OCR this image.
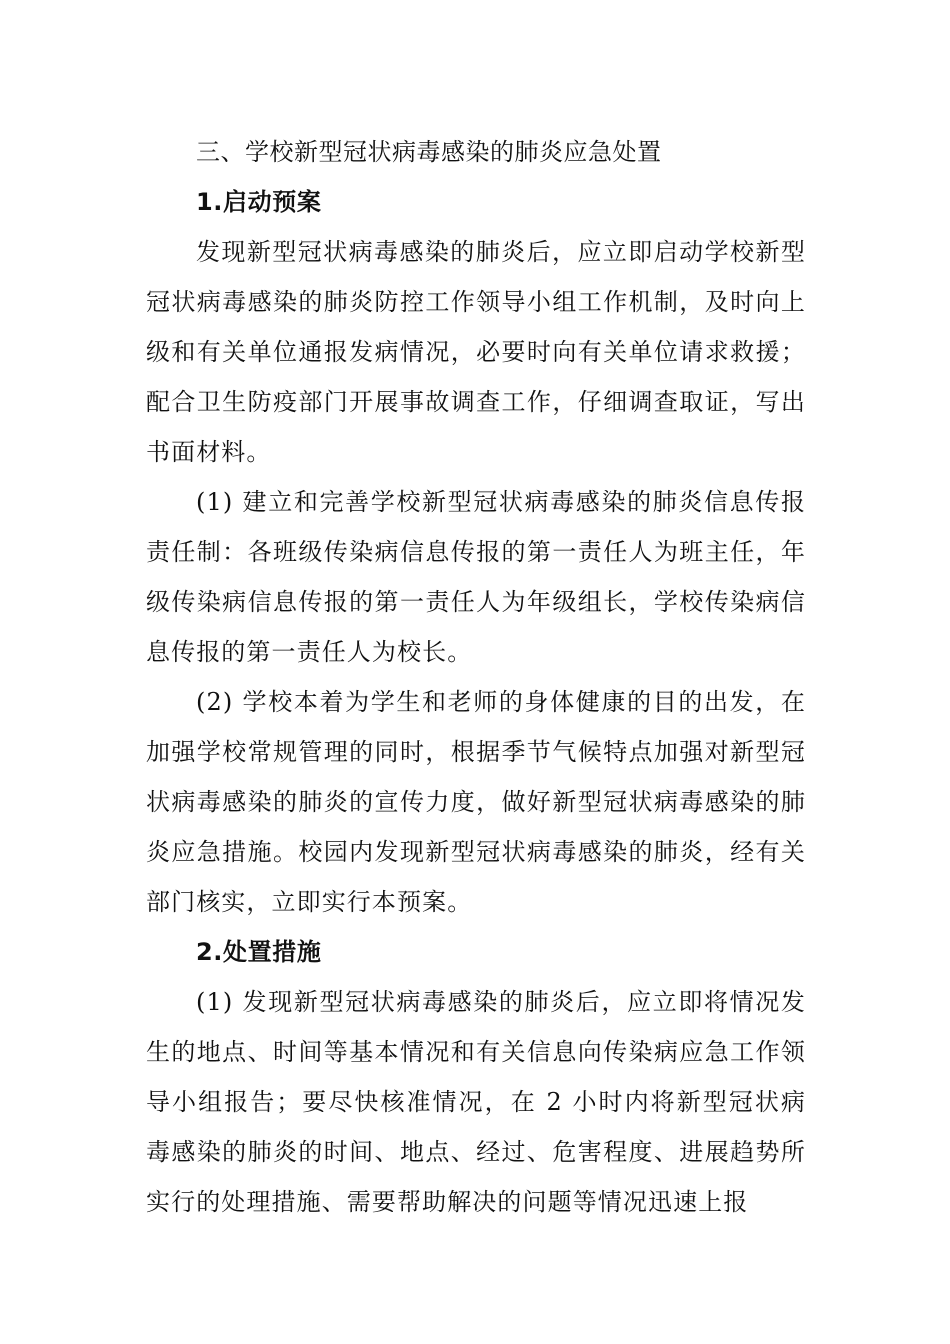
三、学校新型冠状病毒感染的肺炎应急处置
1.启动预案
发现新型冠状病毒感染的肺炎后，应立即启动学校新型冠状病毒感染的肺炎防控工作领导小组工作机制，及时向上级和有关单位通报发病情况，必要时向有关单位请求救援；配合卫生防疫部门开展事故调查工作，仔细调查取证，写出书面材料。
(1) 建立和完善学校新型冠状病毒感染的肺炎信息传报责任制：各班级传染病信息传报的第一责任人为班主任，年级传染病信息传报的第一责任人为年级组长，学校传染病信息传报的第一责任人为校长。
(2) 学校本着为学生和老师的身体健康的目的出发，在加强学校常规管理的同时，根据季节气候特点加强对新型冠状病毒感染的肺炎的宣传力度，做好新型冠状病毒感染的肺炎应急措施。校园内发现新型冠状病毒感染的肺炎，经有关部门核实，立即实行本预案。
2.处置措施
(1) 发现新型冠状病毒感染的肺炎后，应立即将情况发生的地点、时间等基本情况和有关信息向传染病应急工作领导小组报告；要尽快核准情况，在 2 小时内将新型冠状病毒感染的肺炎的时间、地点、经过、危害程度、进展趋势所实行的处理措施、需要帮助解决的问题等情况迅速上报
